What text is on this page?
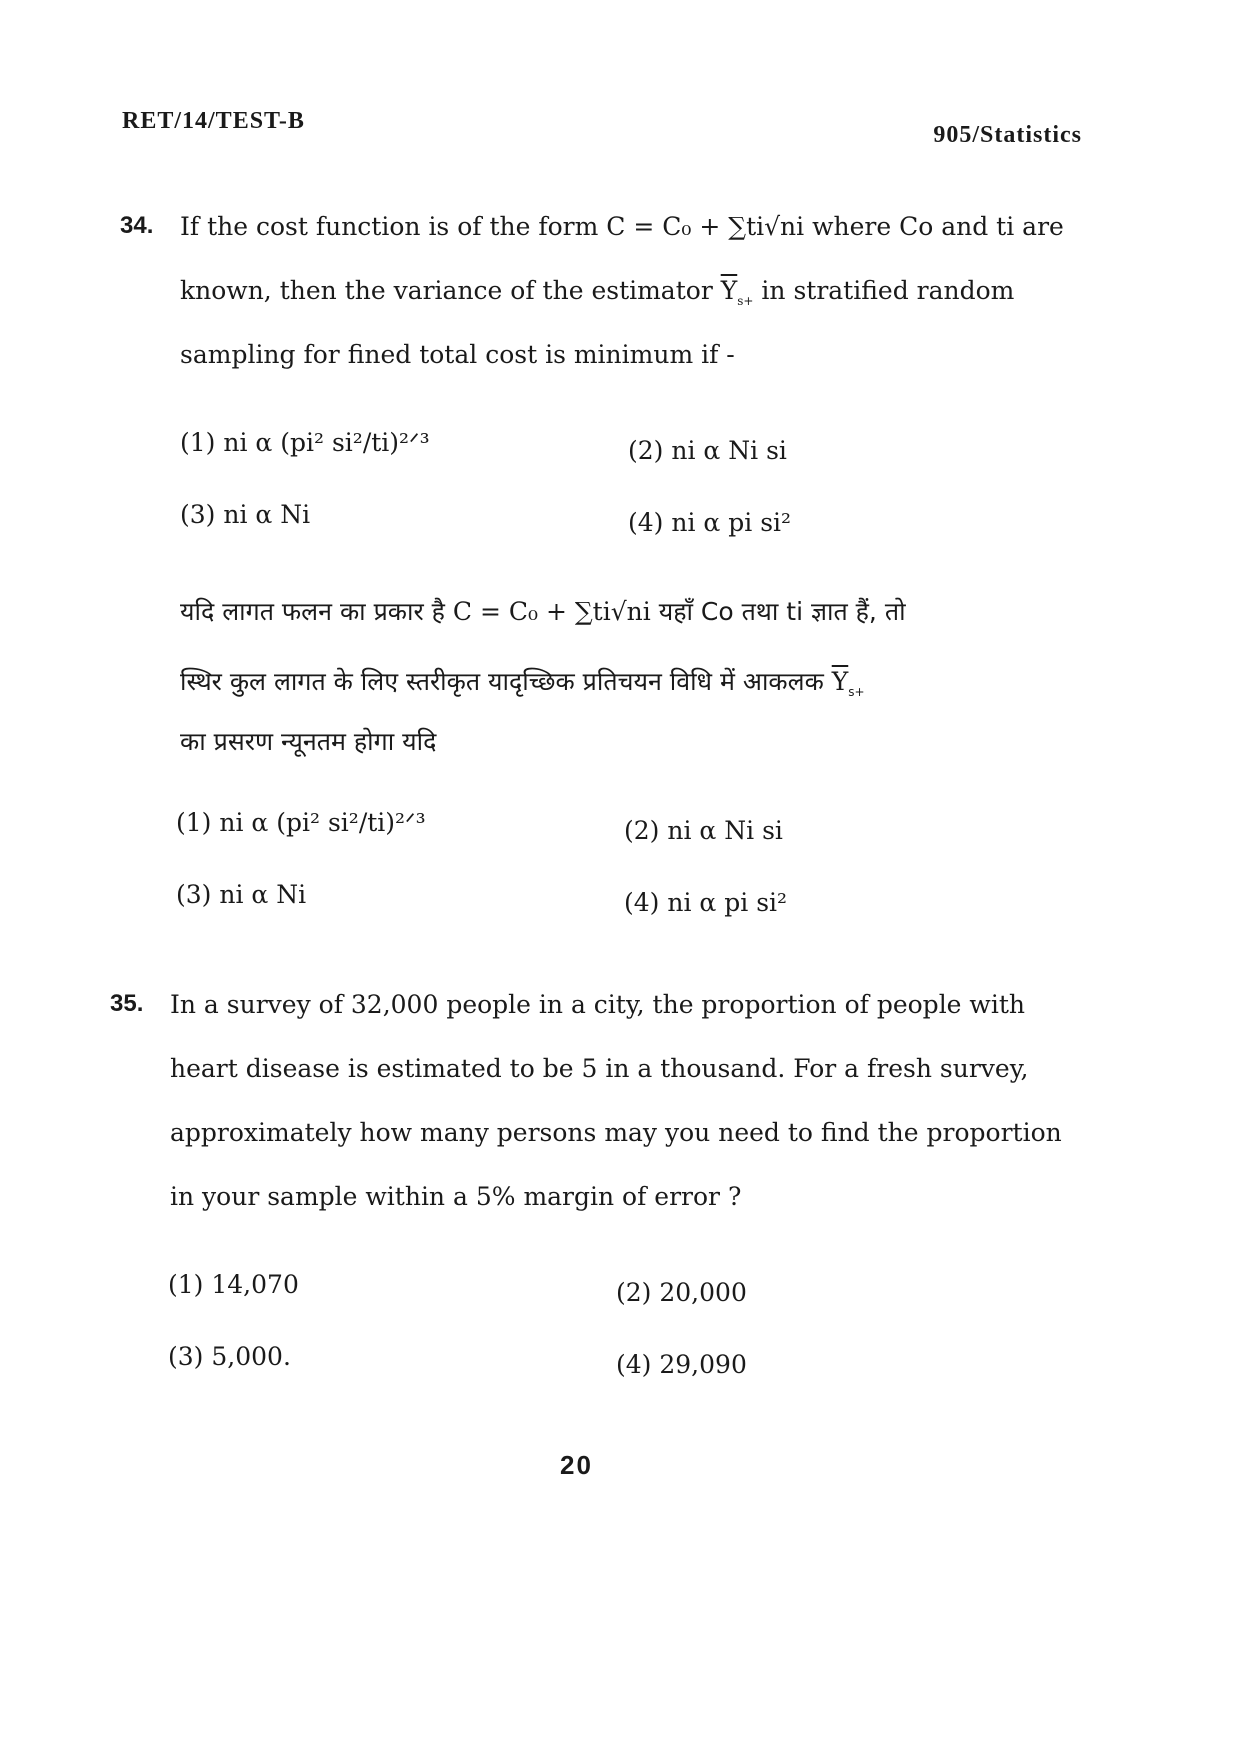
RET/14/TEST-B
905/Statistics
34. If the cost function is of the form C = C₀ + ∑ti√ni where Co and ti are
known, then the variance of the estimator $\overline{Y}_{s+}$ in stratified random
sampling for fined total cost is minimum if -
(1) ni α (pi² si²/ti)²ᐟ³	(2) ni α Ni si
(3) ni α Ni	(4) ni α pi si²
यदि लागत फलन का प्रकार है C = C₀ + ∑ti√ni यहाँ Co तथा ti ज्ञात हैं, तो
स्थिर कुल लागत के लिए स्तरीकृत यादृच्छिक प्रतिचयन विधि में आकलक $\overline{Y}_{s+}$
का प्रसरण न्यूनतम होगा यदि
(1) ni α (pi² si²/ti)²ᐟ³	(2) ni α Ni si
(3) ni α Ni	(4) ni α pi si²
35. In a survey of 32,000 people in a city, the proportion of people with
heart disease is estimated to be 5 in a thousand. For a fresh survey,
approximately how many persons may you need to find the proportion
in your sample within a 5% margin of error ?
(1) 14,070	(2) 20,000
(3) 5,000.	(4) 29,090
20
